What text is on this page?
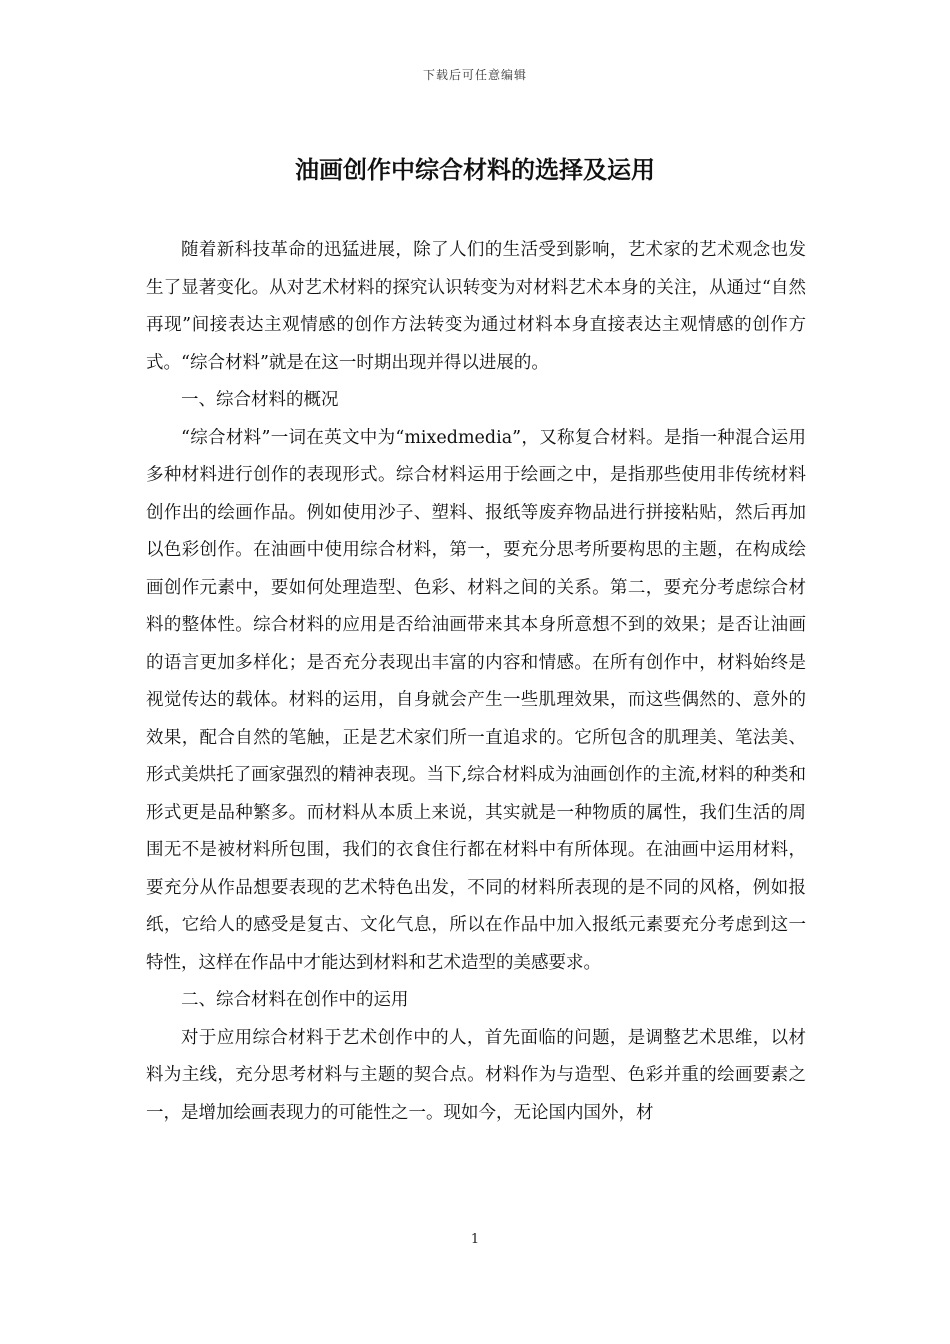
下载后可任意编辑
油画创作中综合材料的选择及运用

随着新科技革命的迅猛进展，除了人们的生活受到影响，艺术家的艺术观念也发生了显著变化。从对艺术材料的探究认识转变为对材料艺术本身的关注，从通过“自然再现”间接表达主观情感的创作方法转变为通过材料本身直接表达主观情感的创作方式。“综合材料”就是在这一时期出现并得以进展的。

一、综合材料的概况

“综合材料”一词在英文中为“mixedmedia”，又称复合材料。是指一种混合运用多种材料进行创作的表现形式。综合材料运用于绘画之中，是指那些使用非传统材料创作出的绘画作品。例如使用沙子、塑料、报纸等废弃物品进行拼接粘贴，然后再加以色彩创作。在油画中使用综合材料，第一，要充分思考所要构思的主题，在构成绘画创作元素中，要如何处理造型、色彩、材料之间的关系。第二，要充分考虑综合材料的整体性。综合材料的应用是否给油画带来其本身所意想不到的效果；是否让油画的语言更加多样化；是否充分表现出丰富的内容和情感。在所有创作中，材料始终是视觉传达的载体。材料的运用，自身就会产生一些肌理效果，而这些偶然的、意外的效果，配合自然的笔触，正是艺术家们所一直追求的。它所包含的肌理美、笔法美、形式美烘托了画家强烈的精神表现。当下,综合材料成为油画创作的主流,材料的种类和形式更是品种繁多。而材料从本质上来说，其实就是一种物质的属性，我们生活的周围无不是被材料所包围，我们的衣食住行都在材料中有所体现。在油画中运用材料，要充分从作品想要表现的艺术特色出发，不同的材料所表现的是不同的风格，例如报纸，它给人的感受是复古、文化气息，所以在作品中加入报纸元素要充分考虑到这一特性，这样在作品中才能达到材料和艺术造型的美感要求。

二、综合材料在创作中的运用

对于应用综合材料于艺术创作中的人，首先面临的问题，是调整艺术思维，以材料为主线，充分思考材料与主题的契合点。材料作为与造型、色彩并重的绘画要素之一，是增加绘画表现力的可能性之一。现如今，无论国内国外，材

1
